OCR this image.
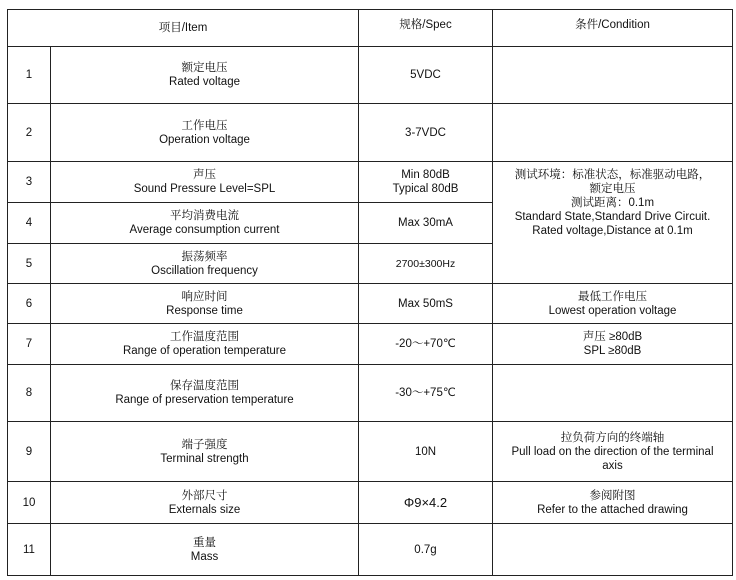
项目/Item		规格/Spec	条件/Condition
1	额定电压
Rated voltage	5VDC	
2	工作电压
Operation voltage	3-7VDC	
3	声压
Sound Pressure Level=SPL	Min 80dB
Typical 80dB	测试环境：标准状态，标准驱动电路，
额定电压
测试距离：0.1m
Standard State,Standard Drive Circuit.
Rated voltage,Distance at 0.1m

4	平均消费电流
Average consumption current	Max 30mA	
5	振荡频率
Oscillation frequency	2700±300Hz	
6	响应时间
Response time	Max 50mS	最低工作电压
Lowest operation voltage

7	工作温度范围
Range of operation temperature	-20～+70℃	声压 ≥80dB
SPL ≥80dB

8	保存温度范围
Range of preservation temperature	-30～+75℃	
9	端子强度
Terminal strength	10N	拉负荷方向的终端轴
Pull load on the direction of the terminal
axis

10	外部尺寸
Externals size	Φ9×4.2	参阅附图
Refer to the attached drawing

11	重量
Mass	0.7g	
